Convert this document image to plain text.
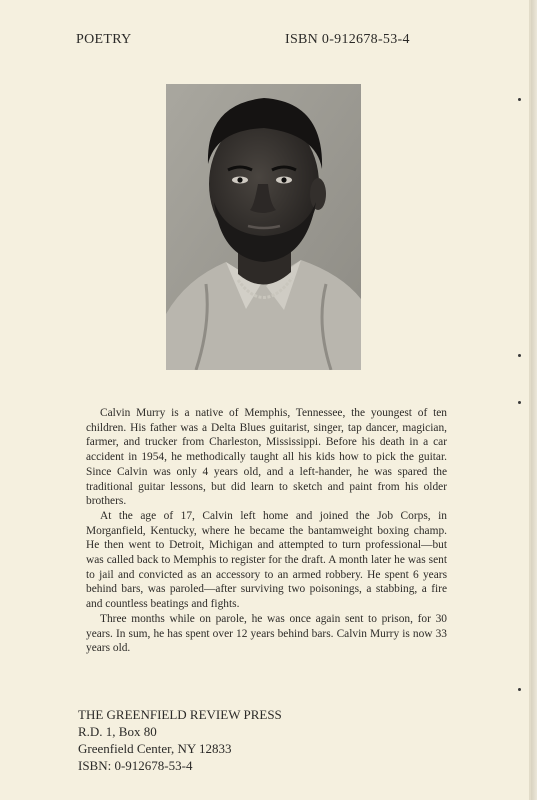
POETRY	ISBN 0-912678-53-4

Calvin Murry is a native of Memphis, Tennessee, the youngest of ten children. His father was a Delta Blues guitarist, singer, tap dancer, magician, farmer, and trucker from Charleston, Mississippi. Before his death in a car accident in 1954, he methodically taught all his kids how to pick the guitar. Since Calvin was only 4 years old, and a left-hander, he was spared the traditional guitar lessons, but did learn to sketch and paint from his older brothers.

At the age of 17, Calvin left home and joined the Job Corps, in Morganfield, Kentucky, where he became the bantamweight boxing champ. He then went to Detroit, Michigan and attempted to turn professional—but was called back to Memphis to register for the draft. A month later he was sent to jail and convicted as an accessory to an armed robbery. He spent 6 years behind bars, was paroled—after surviving two poisonings, a stabbing, a fire and countless beatings and fights.

Three months while on parole, he was once again sent to prison, for 30 years. In sum, he has spent over 12 years behind bars. Calvin Murry is now 33 years old.

THE GREENFIELD REVIEW PRESS
R.D. 1, Box 80
Greenfield Center, NY 12833
ISBN: 0-912678-53-4
